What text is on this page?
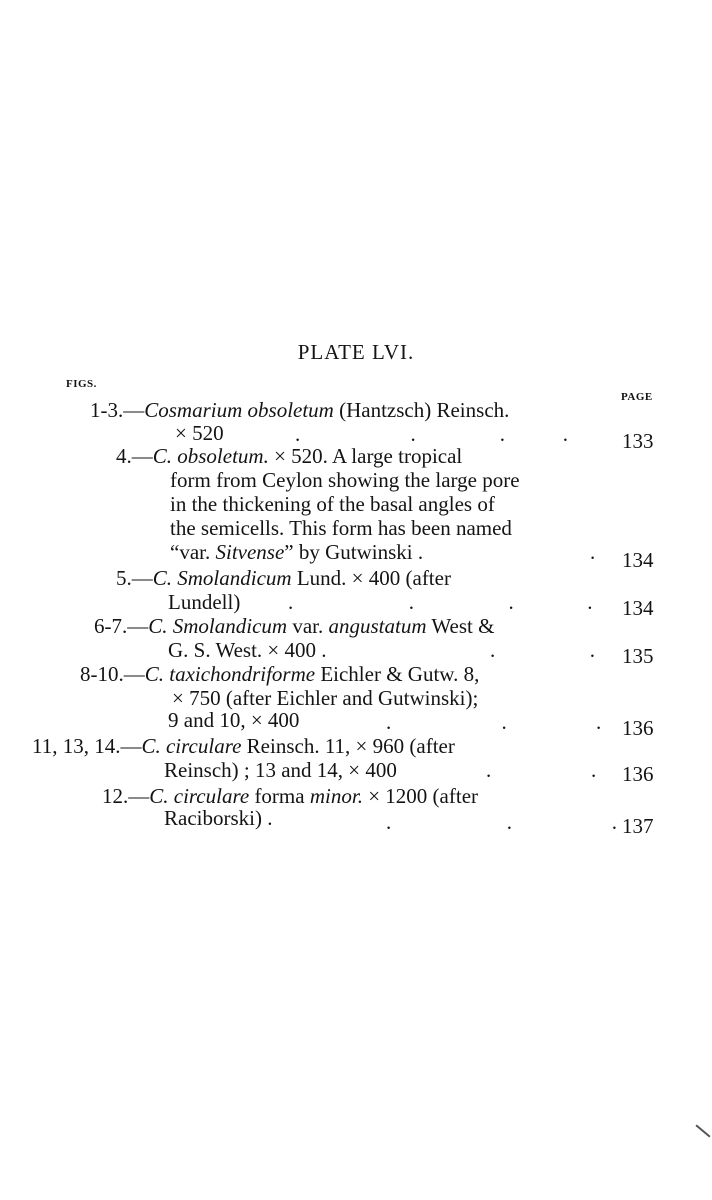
PLATE LVI.
FIGS.
PAGE
1-3.—Cosmarium obsoletum (Hantzsch) Reinsch.
× 520	.                     .                .           .	133
4.—C. obsoletum. × 520. A large tropical
form from Ceylon showing the large pore
in the thickening of the basal angles of
the semicells. This form has been named
“var. Sitvense” by Gutwinski .	. 134
5.—C. Smolandicum Lund. × 400 (after
Lundell) .                      .                  .              . 134
6-7.—C. Smolandicum var. angustatum West &
G. S. West. × 400 .	.                  . 135
8-10.—C. taxichondriforme Eichler & Gutw. 8,
× 750 (after Eichler and Gutwinski);
9 and 10, × 400	.                     .                 . 136
11, 13, 14.—C. circulare Reinsch. 11, × 960 (after
Reinsch) ; 13 and 14, × 400	.                   . 136
12.—C. circulare forma minor. × 1200 (after
Raciborski) .	.                      .                   . 137
